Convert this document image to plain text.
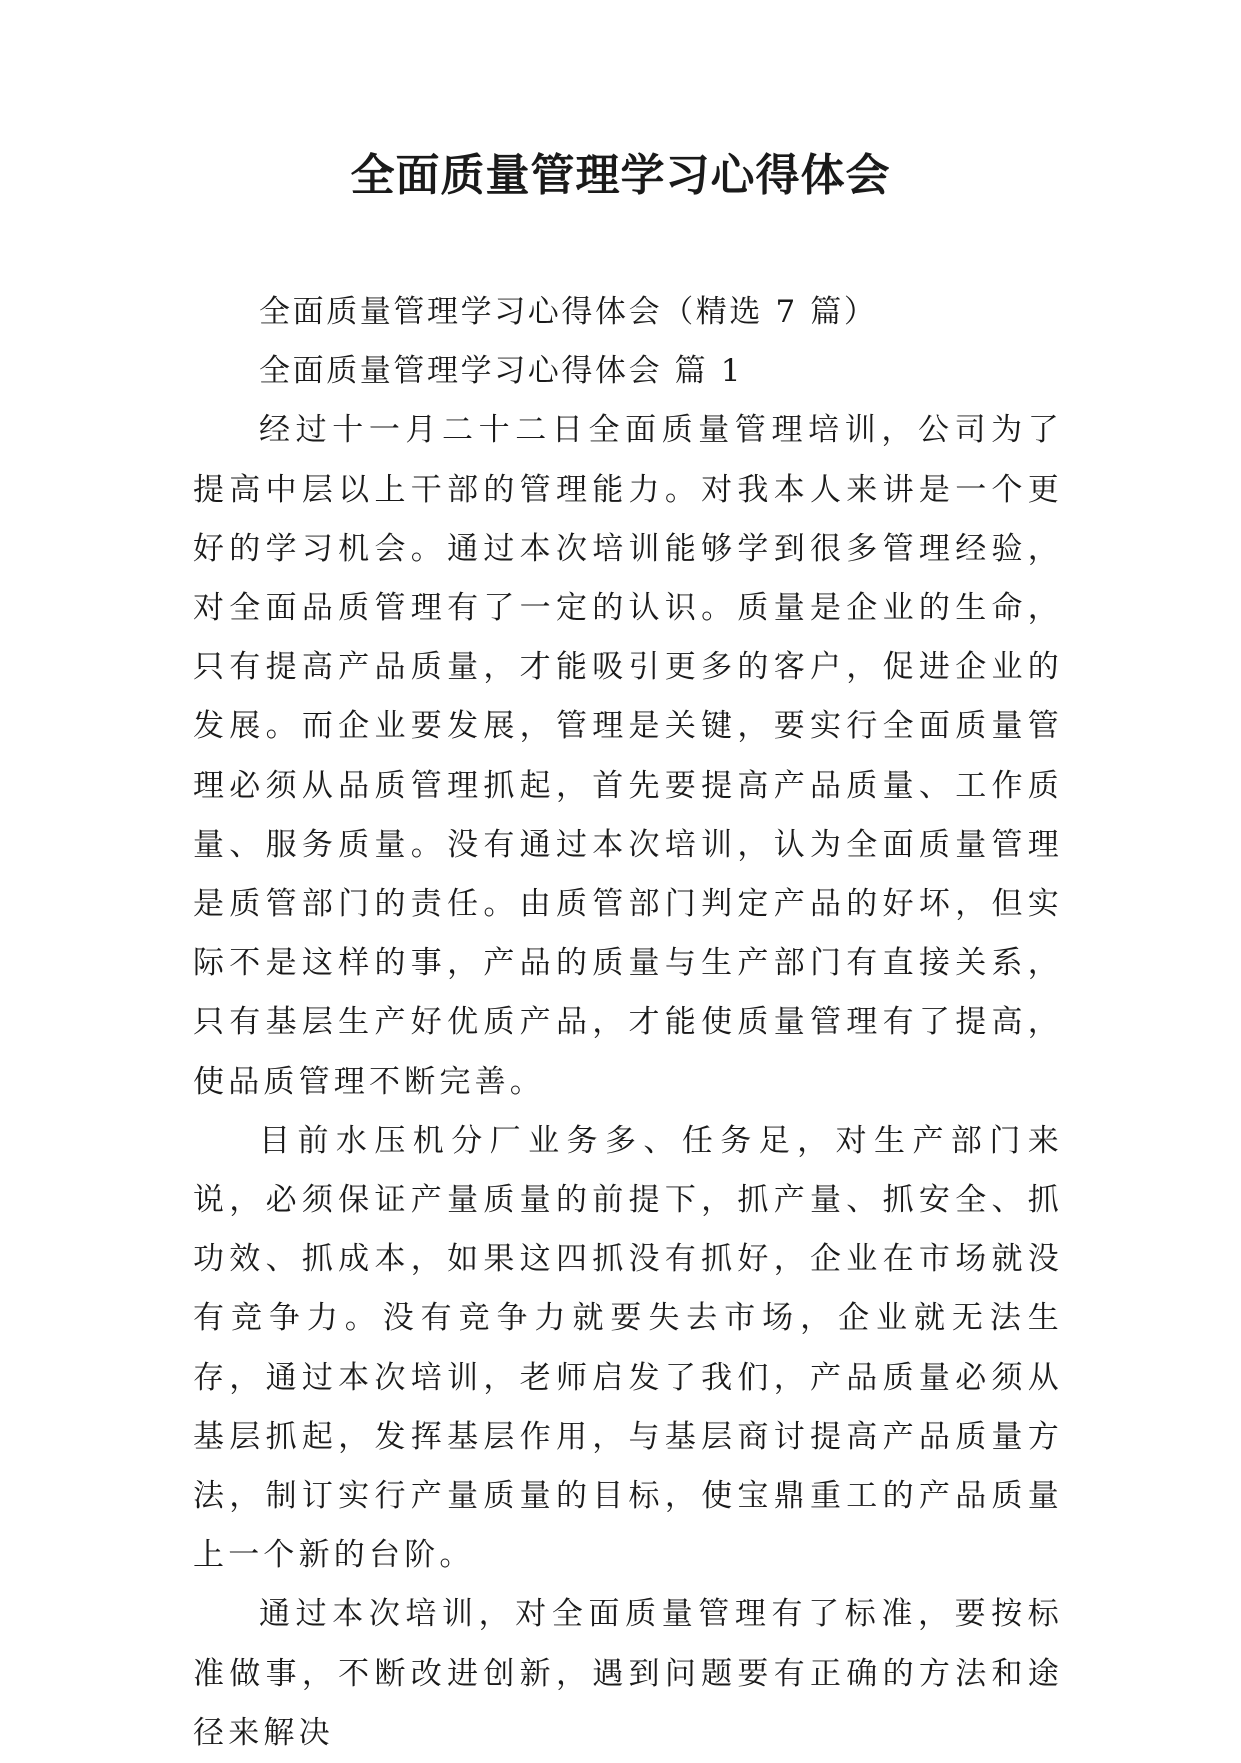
全面质量管理学习心得体会

全面质量管理学习心得体会（精选 7 篇）

全面质量管理学习心得体会 篇 1

经过十一月二十二日全面质量管理培训，公司为了提高中层以上干部的管理能力。对我本人来讲是一个更好的学习机会。通过本次培训能够学到很多管理经验，对全面品质管理有了一定的认识。质量是企业的生命，只有提高产品质量，才能吸引更多的客户，促进企业的发展。而企业要发展，管理是关键，要实行全面质量管理必须从品质管理抓起，首先要提高产品质量、工作质量、服务质量。没有通过本次培训，认为全面质量管理是质管部门的责任。由质管部门判定产品的好坏，但实际不是这样的事，产品的质量与生产部门有直接关系，只有基层生产好优质产品，才能使质量管理有了提高，使品质管理不断完善。

目前水压机分厂业务多、任务足，对生产部门来说，必须保证产量质量的前提下，抓产量、抓安全、抓功效、抓成本，如果这四抓没有抓好，企业在市场就没有竞争力。没有竞争力就要失去市场，企业就无法生存，通过本次培训，老师启发了我们，产品质量必须从基层抓起，发挥基层作用，与基层商讨提高产品质量方法，制订实行产量质量的目标，使宝鼎重工的产品质量上一个新的台阶。

通过本次培训，对全面质量管理有了标准，要按标准做事，不断改进创新，遇到问题要有正确的方法和途径来解决
